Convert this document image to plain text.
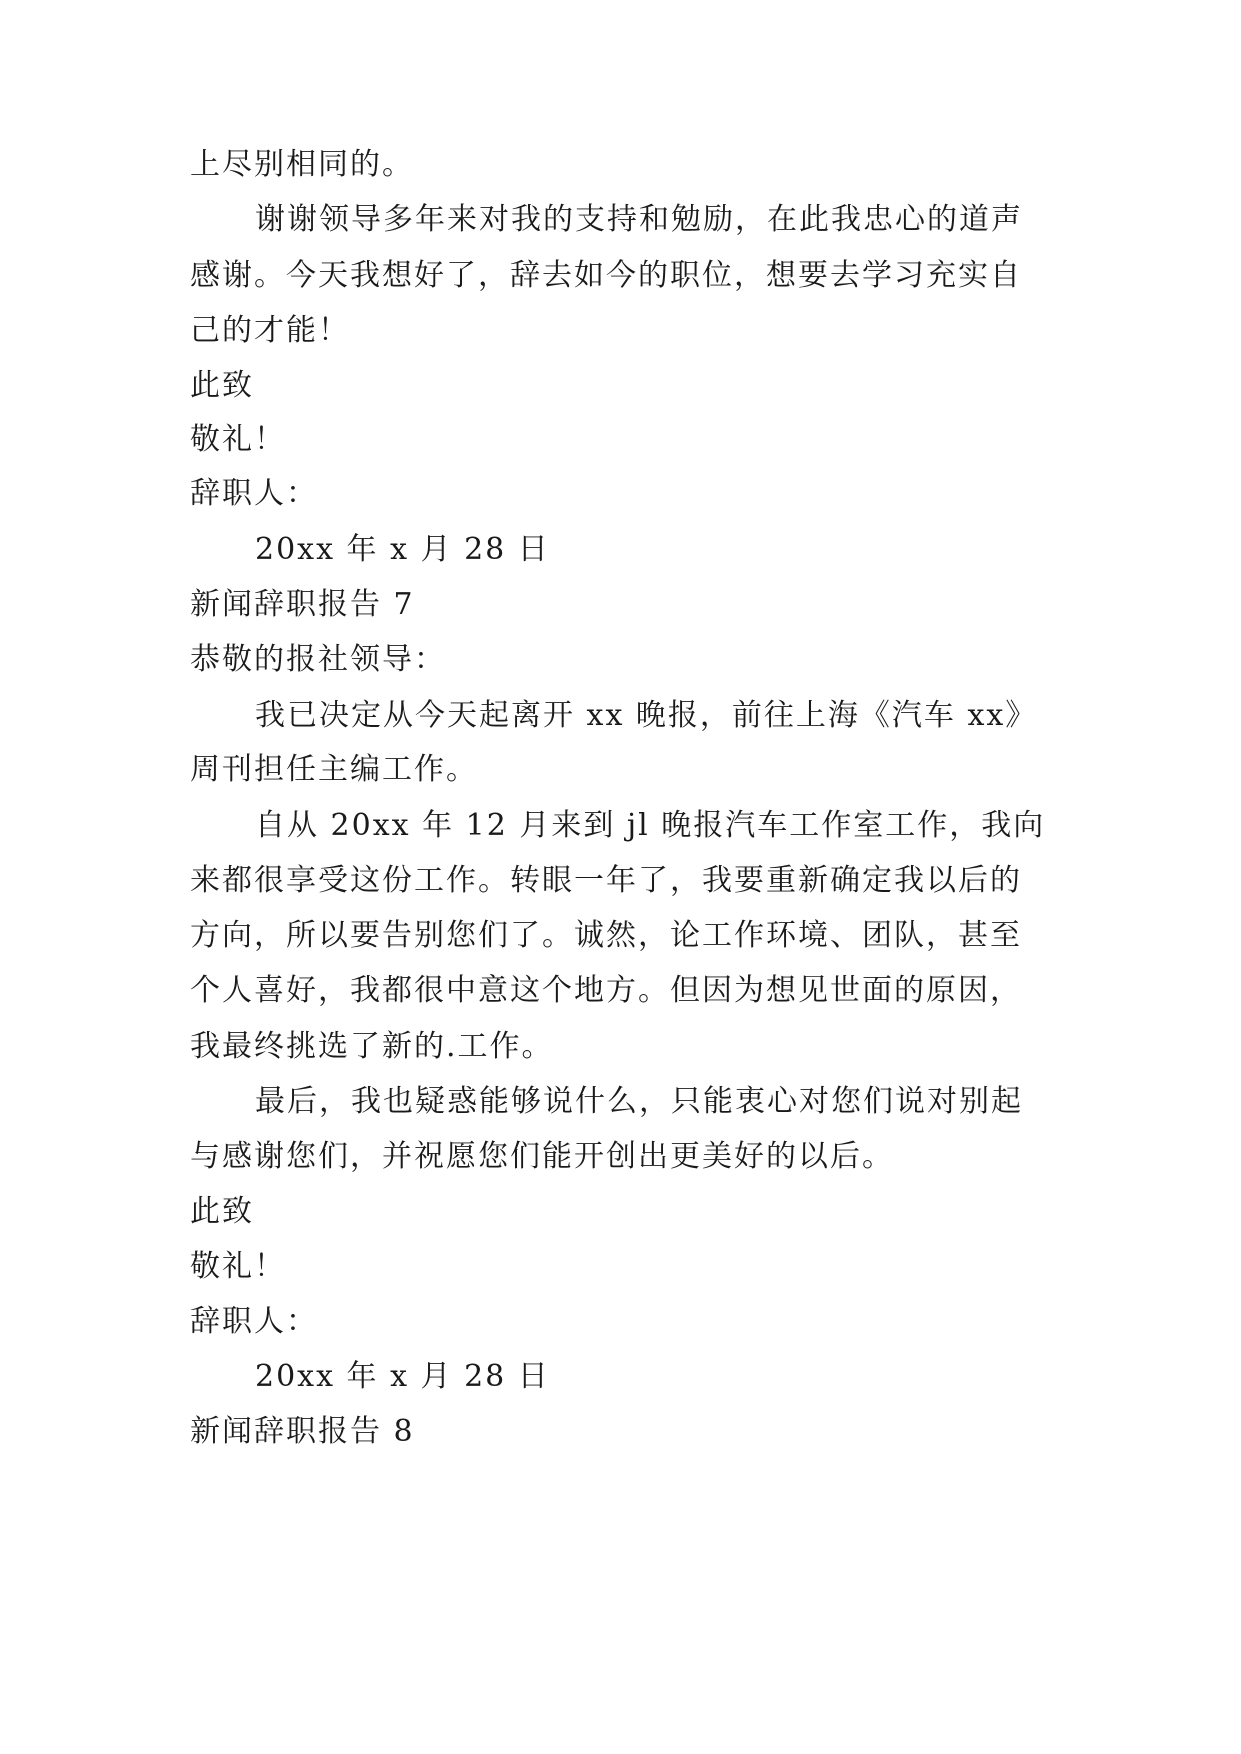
上尽别相同的。
谢谢领导多年来对我的支持和勉励，在此我忠心的道声
感谢。今天我想好了，辞去如今的职位，想要去学习充实自
己的才能！
此致
敬礼！
辞职人：
20xx 年 x 月 28 日
新闻辞职报告 7
恭敬的报社领导：
我已决定从今天起离开 xx 晚报，前往上海《汽车 xx》
周刊担任主编工作。
自从 20xx 年 12 月来到 jl 晚报汽车工作室工作，我向
来都很享受这份工作。转眼一年了，我要重新确定我以后的
方向，所以要告别您们了。诚然，论工作环境、团队，甚至
个人喜好，我都很中意这个地方。但因为想见世面的原因，
我最终挑选了新的.工作。
最后，我也疑惑能够说什么，只能衷心对您们说对别起
与感谢您们，并祝愿您们能开创出更美好的以后。
此致
敬礼！
辞职人：
20xx 年 x 月 28 日
新闻辞职报告 8
